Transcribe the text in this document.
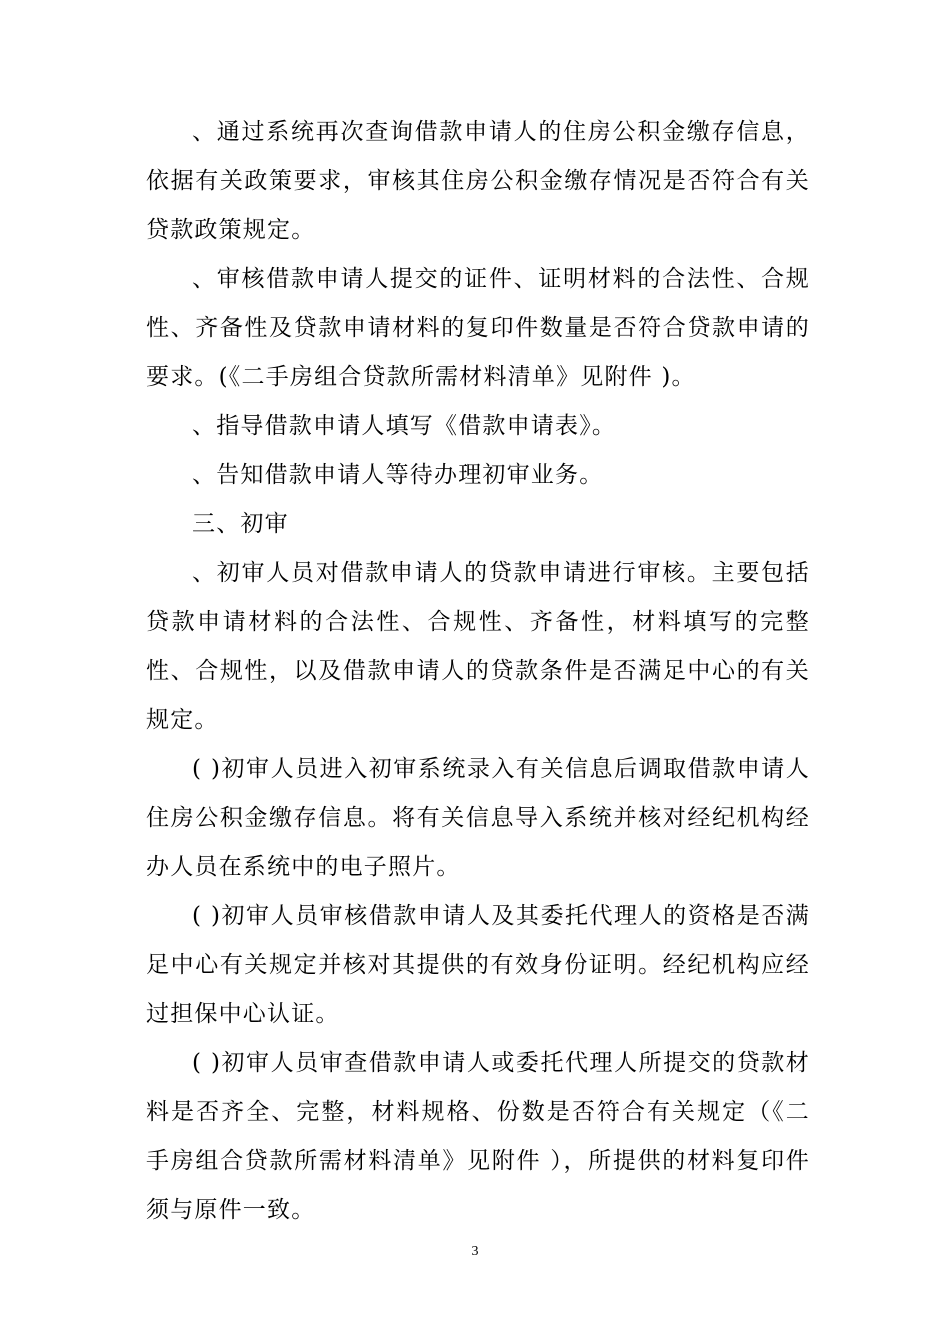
、通过系统再次查询借款申请人的住房公积金缴存信息，依据有关政策要求，审核其住房公积金缴存情况是否符合有关贷款政策规定。

、审核借款申请人提交的证件、证明材料的合法性、合规性、齐备性及贷款申请材料的复印件数量是否符合贷款申请的要求。(《二手房组合贷款所需材料清单》见附件 )。

、指导借款申请人填写《借款申请表》。

、告知借款申请人等待办理初审业务。

三、初审

、初审人员对借款申请人的贷款申请进行审核。主要包括贷款申请材料的合法性、合规性、齐备性，材料填写的完整性、合规性，以及借款申请人的贷款条件是否满足中心的有关规定。

( )初审人员进入初审系统录入有关信息后调取借款申请人住房公积金缴存信息。将有关信息导入系统并核对经纪机构经办人员在系统中的电子照片。

( )初审人员审核借款申请人及其委托代理人的资格是否满足中心有关规定并核对其提供的有效身份证明。经纪机构应经过担保中心认证。

( )初审人员审查借款申请人或委托代理人所提交的贷款材料是否齐全、完整，材料规格、份数是否符合有关规定（《二手房组合贷款所需材料清单》见附件 ），所提供的材料复印件须与原件一致。

3
